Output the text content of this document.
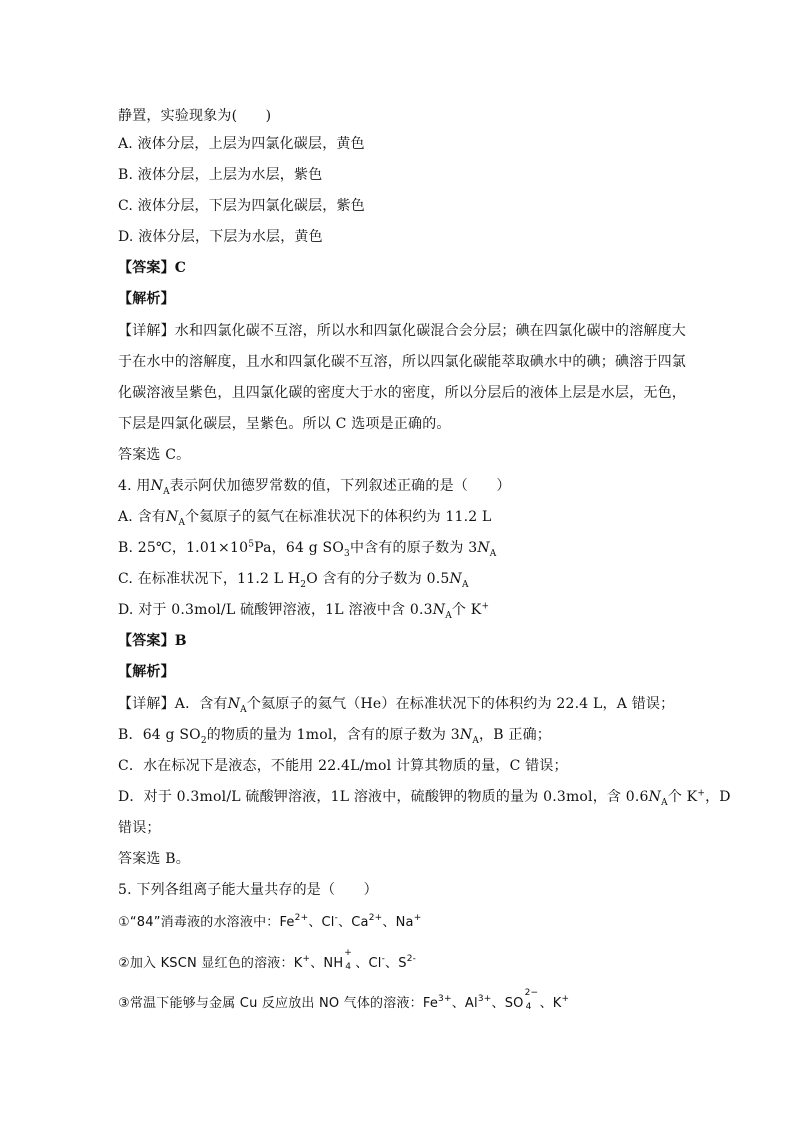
静置，实验现象为(　　)
A. 液体分层，上层为四氯化碳层，黄色
B. 液体分层，上层为水层，紫色
C. 液体分层，下层为四氯化碳层，紫色
D. 液体分层，下层为水层，黄色
【答案】C
【解析】
【详解】水和四氯化碳不互溶，所以水和四氯化碳混合会分层；碘在四氯化碳中的溶解度大
于在水中的溶解度，且水和四氯化碳不互溶，所以四氯化碳能萃取碘水中的碘；碘溶于四氯
化碳溶液呈紫色，且四氯化碳的密度大于水的密度，所以分层后的液体上层是水层，无色，
下层是四氯化碳层，呈紫色。所以 C 选项是正确的。
答案选 C。
4. 用$N_A$表示阿伏加德罗常数的值，下列叙述正确的是（　　）
A. 含有$N_A$个氦原子的氦气在标准状况下的体积约为 11.2 L
B. 25℃，$1.01\times 10^5Pa$，64 g $SO_3$中含有的原子数为 $3N_A$
C. 在标准状况下，11.2 L $H_2O$ 含有的分子数为 $0.5N_A$
D. 对于 0.3mol/L 硫酸钾溶液，1L 溶液中含 $0.3N_A$个 K+
【答案】B
【解析】
【详解】A．含有$N_A$个氦原子的氦气（He）在标准状况下的体积约为 22.4 L，A 错误；
B．64 g $SO_2$的物质的量为 1mol，含有的原子数为 $3N_A$，B 正确；
C．水在标况下是液态，不能用 22.4L/mol 计算其物质的量，C 错误；
D．对于 0.3mol/L 硫酸钾溶液，1L 溶液中，硫酸钾的物质的量为 0.3mol，含 $0.6N_A$个 K+，D
错误；
答案选 B。
5. 下列各组离子能大量共存的是（　　）
①“84”消毒液的水溶液中：$Fe^{2+}$、Cl-、$Ca^{2+}$、Na+
②加入 KSCN 显红色的溶液：K+、NH
+
4 、Cl-、$S^{2-}$
③常温下能够与金属 Cu 反应放出 NO 气体的溶液：$Fe^{3+}$、$Al^{3+}$、SO
2−
4 、K+
